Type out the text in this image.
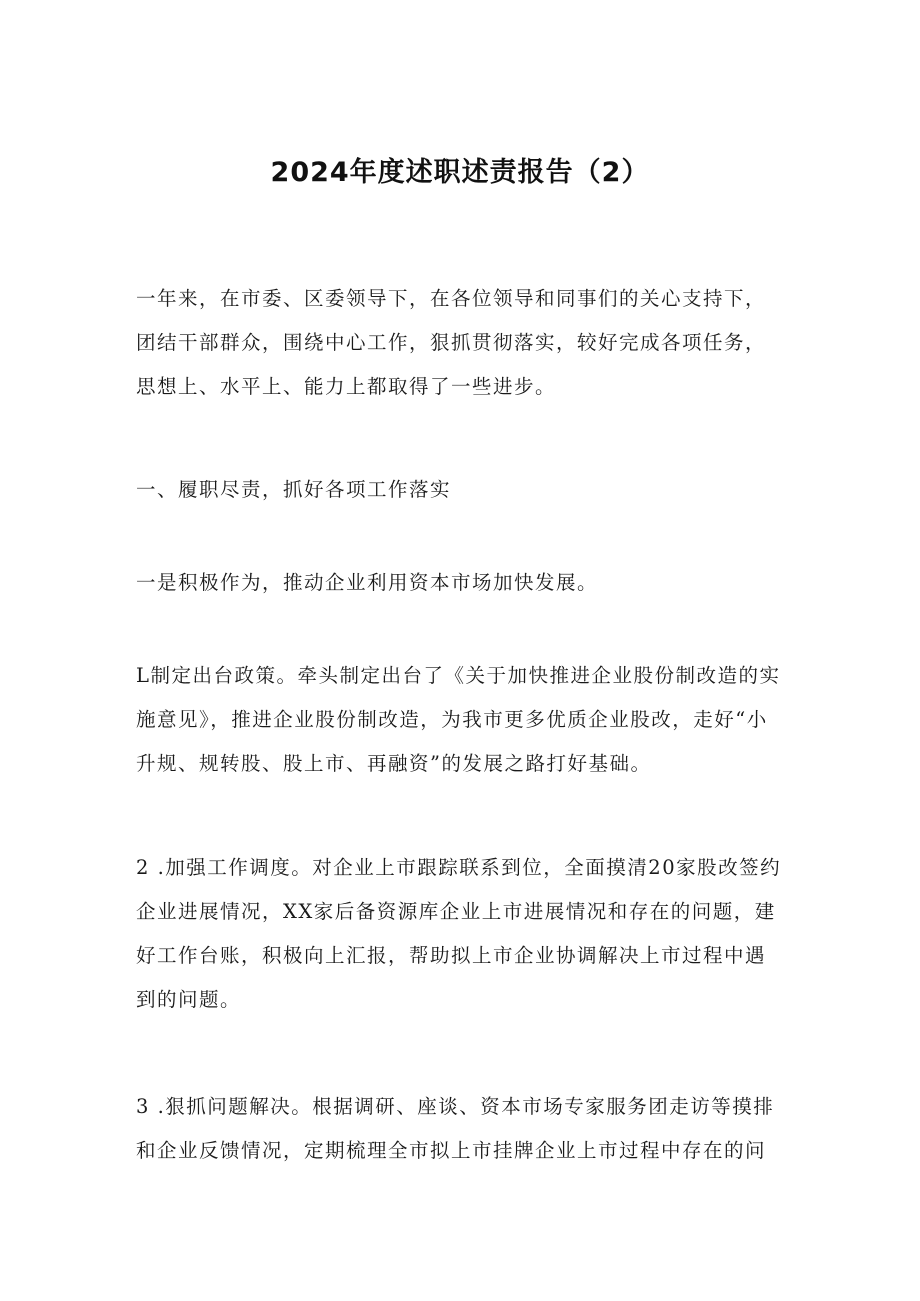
2024年度述职述责报告（2）
一年来，在市委、区委领导下，在各位领导和同事们的关心支持下，
团结干部群众，围绕中心工作，狠抓贯彻落实，较好完成各项任务，
思想上、水平上、能力上都取得了一些进步。
一、履职尽责，抓好各项工作落实
一是积极作为，推动企业利用资本市场加快发展。
L制定出台政策。牵头制定出台了《关于加快推进企业股份制改造的实
施意见》，推进企业股份制改造，为我市更多优质企业股改，走好“小
升规、规转股、股上市、再融资”的发展之路打好基础。
2 .加强工作调度。对企业上市跟踪联系到位，全面摸清20家股改签约
企业进展情况，XX家后备资源库企业上市进展情况和存在的问题，建
好工作台账，积极向上汇报，帮助拟上市企业协调解决上市过程中遇
到的问题。
3 .狠抓问题解决。根据调研、座谈、资本市场专家服务团走访等摸排
和企业反馈情况，定期梳理全市拟上市挂牌企业上市过程中存在的问
